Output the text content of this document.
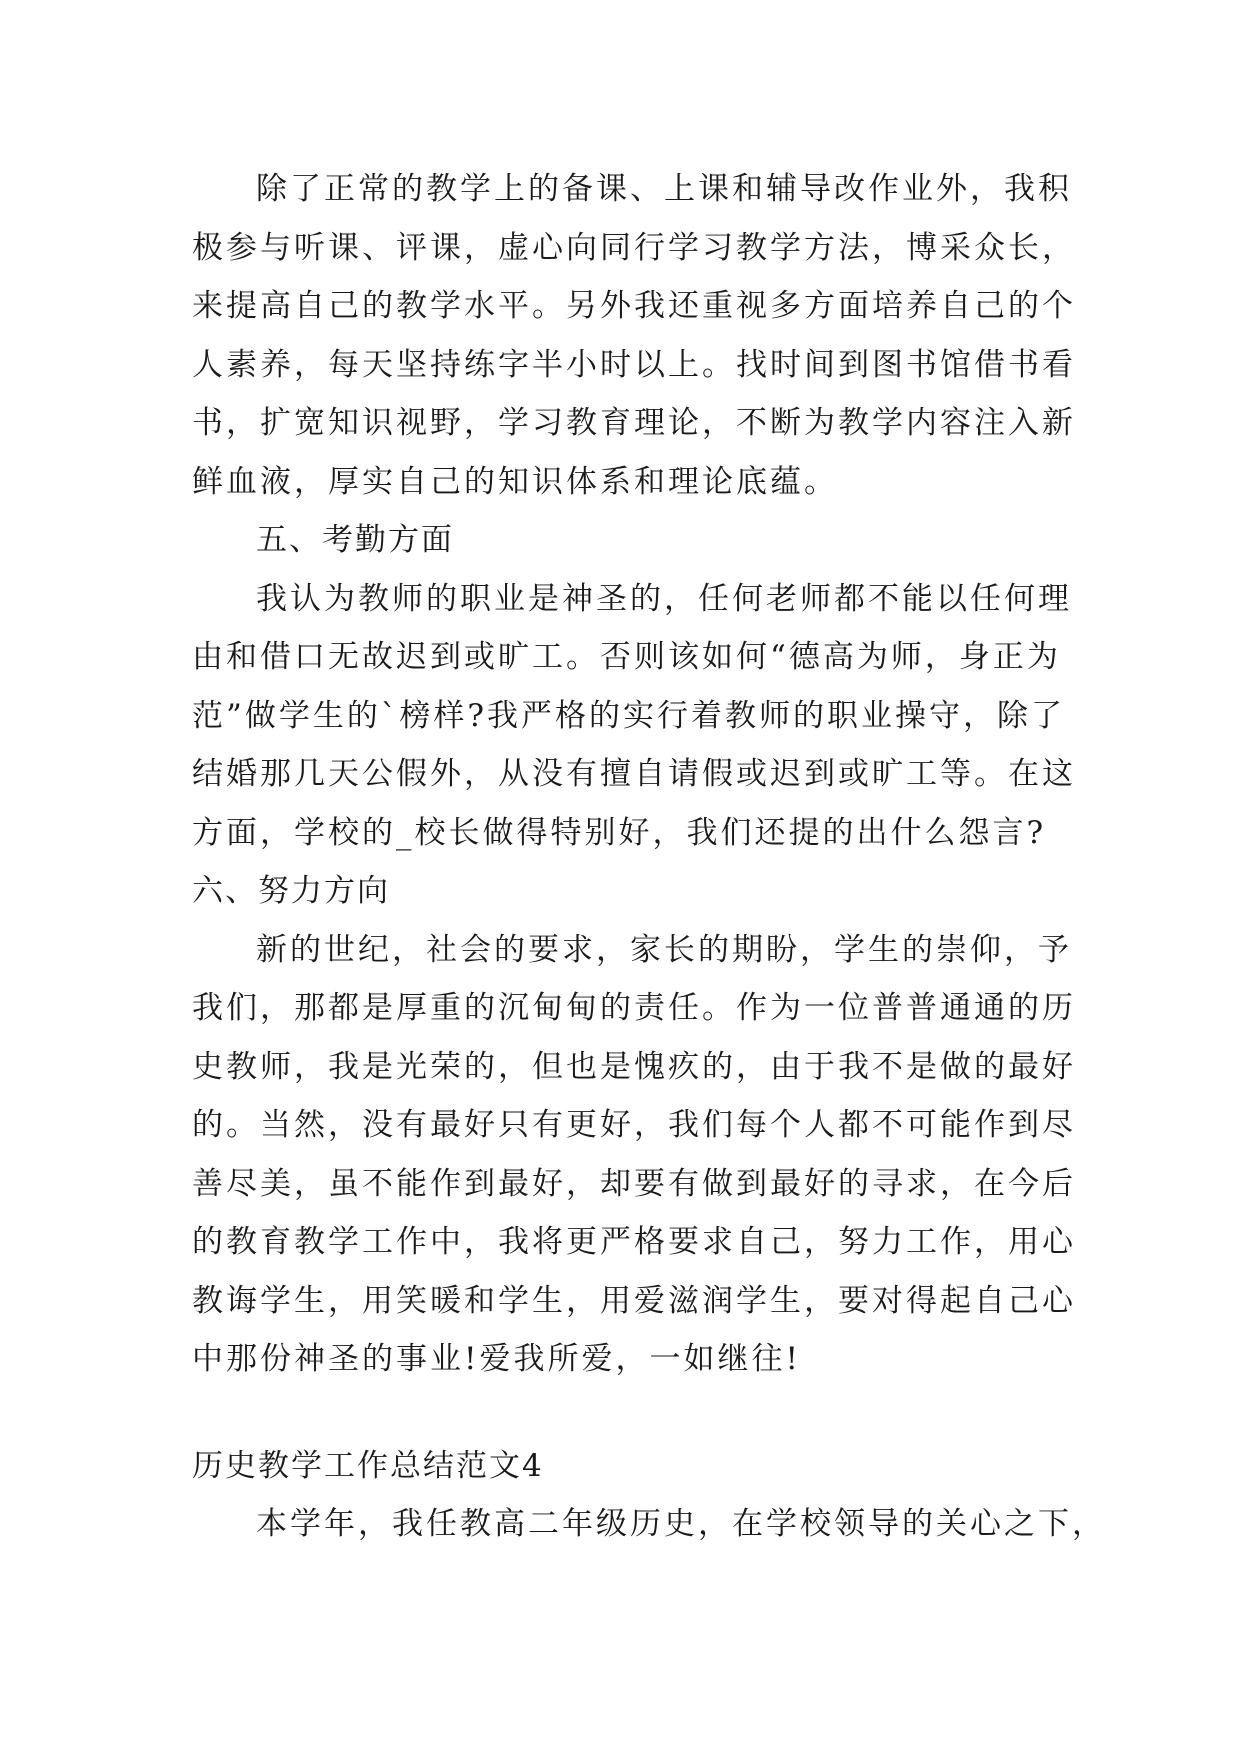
除了正常的教学上的备课、上课和辅导改作业外，我积
极参与听课、评课，虚心向同行学习教学方法，博采众长，
来提高自己的教学水平。另外我还重视多方面培养自己的个
人素养，每天坚持练字半小时以上。找时间到图书馆借书看
书，扩宽知识视野，学习教育理论，不断为教学内容注入新
鲜血液，厚实自己的知识体系和理论底蕴。
五、考勤方面
我认为教师的职业是神圣的，任何老师都不能以任何理
由和借口无故迟到或旷工。否则该如何“德高为师，身正为
范”做学生的`榜样?我严格的实行着教师的职业操守，除了
结婚那几天公假外，从没有擅自请假或迟到或旷工等。在这
方面，学校的_校长做得特别好，我们还提的出什么怨言?
六、努力方向
新的世纪，社会的要求，家长的期盼，学生的崇仰，予
我们，那都是厚重的沉甸甸的责任。作为一位普普通通的历
史教师，我是光荣的，但也是愧疚的，由于我不是做的最好
的。当然，没有最好只有更好，我们每个人都不可能作到尽
善尽美，虽不能作到最好，却要有做到最好的寻求，在今后
的教育教学工作中，我将更严格要求自己，努力工作，用心
教诲学生，用笑暖和学生，用爱滋润学生，要对得起自己心
中那份神圣的事业!爱我所爱，一如继往!
历史教学工作总结范文4
本学年，我任教高二年级历史，在学校领导的关心之下，
